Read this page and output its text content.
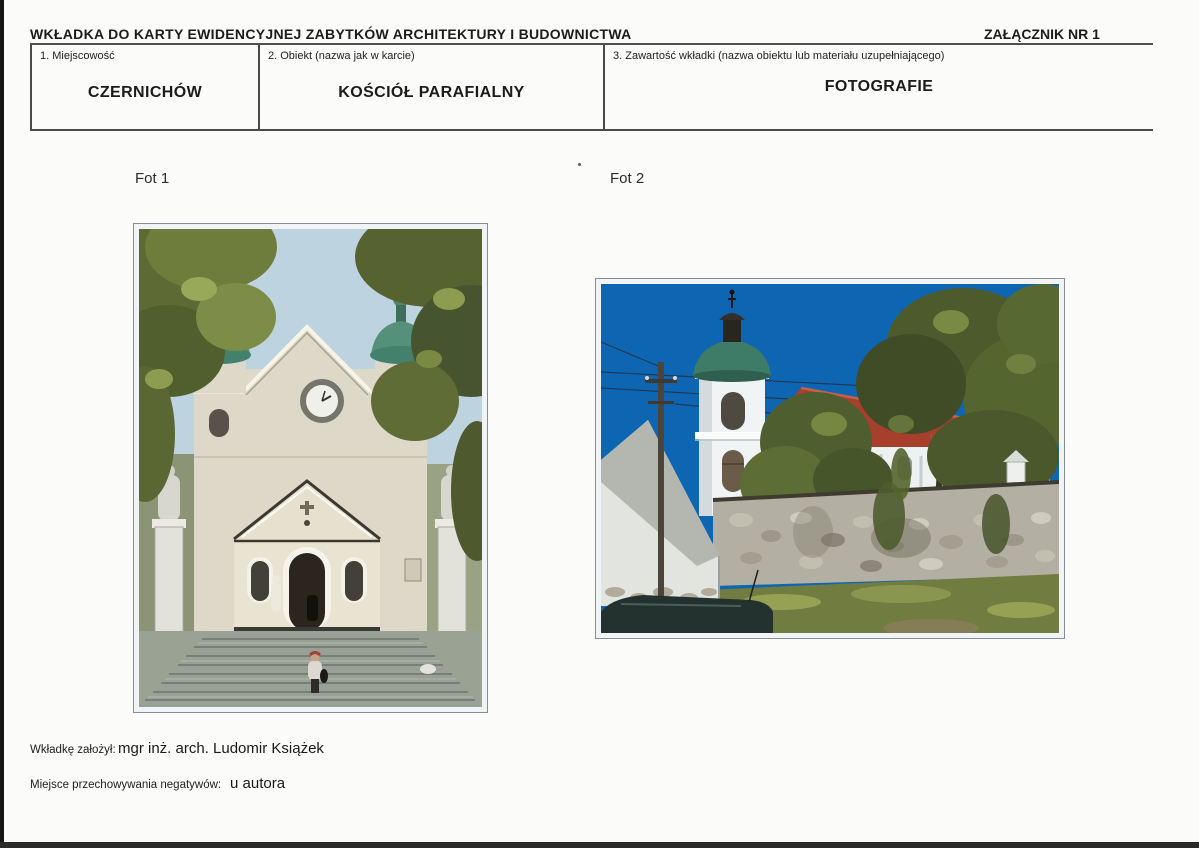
WKŁADKA DO KARTY EWIDENCYJNEJ ZABYTKÓW ARCHITEKTURY I BUDOWNICTWA	ZAŁĄCZNIK NR 1
1. Miejscowość
CZERNICHÓW
2. Obiekt (nazwa jak w karcie)
KOŚCIÓŁ PARAFIALNY
3. Zawartość wkładki (nazwa obiektu lub materiału uzupełniającego)
FOTOGRAFIE
Fot 1	Fot 2
Wkładkę założył: mgr inż. arch. Ludomir Książek
Miejsce przechowywania negatywów: u autora
